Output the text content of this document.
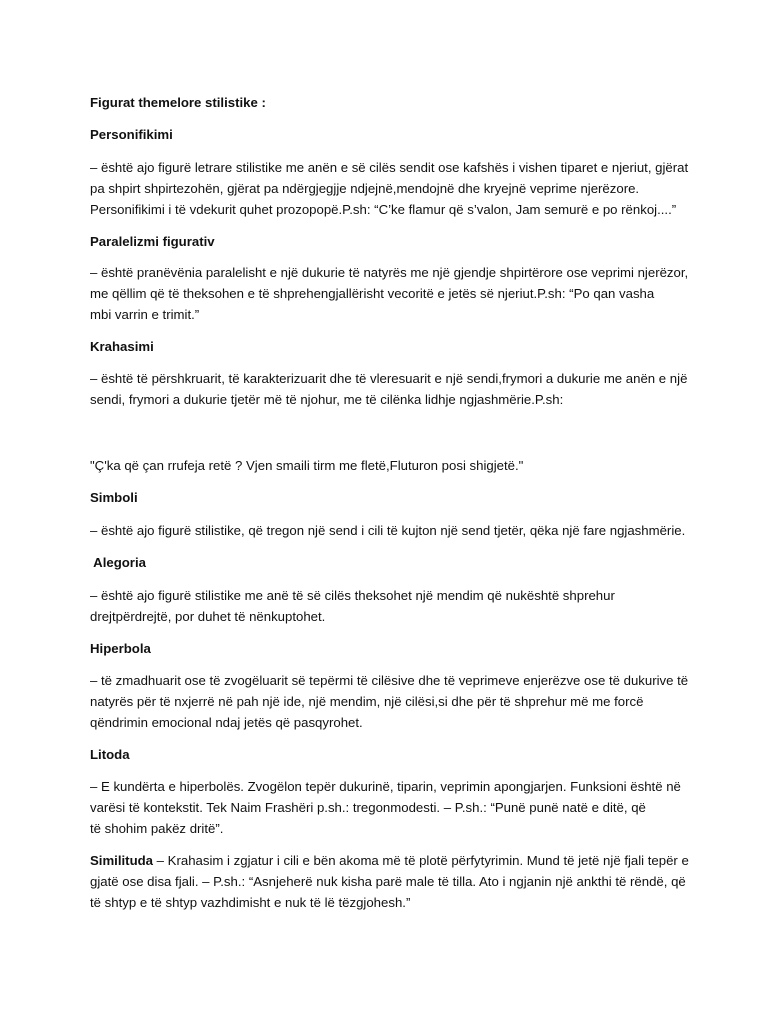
Figurat themelore stilistike :
Personifikimi
– është ajo figurë letrare stilistike me anën e së cilës sendit ose kafshës i vishen tiparet e njeriut, gjërat
pa shpirt shpirtezohën, gjërat pa ndërgjegjje ndjejnë,mendojnë dhe kryejnë veprime njerëzore.
Personifikimi i të vdekurit quhet prozopopë.P.sh: “C’ke flamur që s’valon, Jam semurë e po rënkoj....”
Paralelizmi figurativ
– është pranëvënia paralelisht e një dukurie të natyrës me një gjendje shpirtërore ose veprimi njerëzor,
me qëllim që të theksohen e të shprehengjallërisht vecoritë e jetës së njeriut.P.sh: “Po qan vasha
mbi varrin e trimit.”
Krahasimi
– është të përshkruarit, të karakterizuarit dhe të vleresuarit e një sendi,frymori a dukurie me anën e një
sendi, frymori a dukurie tjetër më të njohur, me të cilënka lidhje ngjashmërie.P.sh:
"Ç'ka që çan rrufeja retë ? Vjen smaili tirm me fletë,Fluturon posi shigjetë."
Simboli
– është ajo figurë stilistike, që tregon një send i cili të kujton një send tjetër, qëka një fare ngjashmërie.
Alegoria
– është ajo figurë stilistike me anë të së cilës theksohet një mendim që nukështë shprehur
drejtpërdrejtë, por duhet të nënkuptohet.
Hiperbola
– të zmadhuarit ose të zvogëluarit së tepërmi të cilësive dhe të veprimeve enjerëzve ose të dukurive të
natyrës për të nxjerrë në pah një ide, një mendim, një cilësi,si dhe për të shprehur më me forcë
qëndrimin emocional ndaj jetës që pasqyrohet.
Litoda
– E kundërta e hiperbolës. Zvogëlon tepër dukurinë, tiparin, veprimin apongjarjen. Funksioni është në
varësi të kontekstit. Tek Naim Frashëri p.sh.: tregonmodesti. – P.sh.: “Punë punë natë e ditë, që
të shohim pakëz dritë”.
Similituda – Krahasim i zgjatur i cili e bën akoma më të plotë përfytyrimin. Mund të jetë një fjali tepër e
gjatë ose disa fjali. – P.sh.: “Asnjeherë nuk kisha parë male të tilla. Ato i ngjanin një ankthi të rëndë, që
të shtyp e të shtyp vazhdimisht e nuk të lë tëzgjohesh.”
